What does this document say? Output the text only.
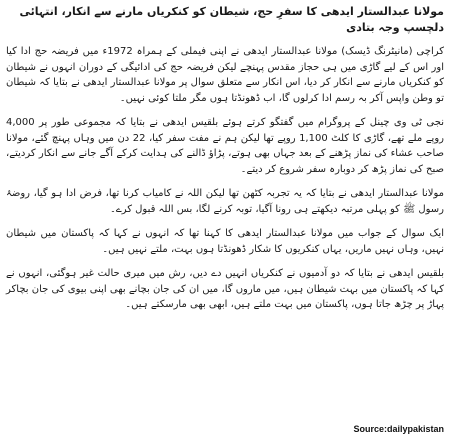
مولانا عبدالستار ایدھی کا سفرِ حج، شیطان کو کنکریاں مارنے سے انکار، انتہائی دلچسپ وجہ بتادی

کراچی (مانیٹرنگ ڈیسک) مولانا عبدالستار ایدھی نے اپنی فیملی کے ہمراہ 1972ء میں فریضہ حج ادا کیا اور اس کے لیے گاڑی میں ہی حجاز مقدس پہنچے لیکن فریضہ حج کی ادائیگی کے دوران انہوں نے شیطان کو کنکریاں مارنے سے انکار کر دیا، اس انکار سے متعلق سوال پر مولانا عبدالستار ایدھی نے بتایا کہ شیطان تو وطن واپس آکر بہ رسم ادا کرلوں گا، اب ڈھونڈتا ہوں مگر ملتا کوئی نہیں۔

نجی ٹی وی چینل کے پروگرام میں گفتگو کرتے ہوئے بلقیس ایدھی نے بتایا کہ مجموعی طور پر 4,000 روپے ملے تھے، گاڑی کا کلٹ 1,100 روپے تھا لیکن ہم نے مفت سفر کیا، 22 دن میں وہاں پہنچ گئے، مولانا صاحب عشاء کی نماز پڑھنے کے بعد جہاں بھی ہوتے، پڑاؤ ڈالنے کی ہدایت کرکے آگے جانے سے انکار کردیتے، صبح کی نماز پڑھ کر دوبارہ سفر شروع کر دیتے۔

مولانا عبدالستار ایدھی نے بتایا کہ یہ تجربہ کٹھن تھا لیکن اللہ نے کامیاب کرنا تھا، فرض ادا ہو گیا، روضۂ رسول ﷺ کو پہلی مرتبہ دیکھتے ہی رونا آگیا، توبہ کرنے لگا، بس اللہ قبول کرے۔

ایک سوال کے جواب میں مولانا عبدالستار ایدھی کا کہنا تھا کہ انہوں نے کہا کہ پاکستان میں شیطان نہیں، وہاں نہیں ماریں، یہاں کنکریوں کا شکار ڈھونڈتا ہوں بہت، ملتے نہیں ہیں۔

بلقیس ایدھی نے بتایا کہ دو آدمیوں نے کنکریاں انہیں دے دیں، رش میں میری حالت غیر ہوگئی، انہوں نے کہا کہ پاکستان میں بہت شیطان ہیں، میں ماروں گا، میں ان کی جان بچانے بھی اپنی بیوی کی جان بچاکر پہاڑ پر چڑھ جاتا ہوں، پاکستان میں بہت ملتے ہیں، ابھی بھی مارسکتے ہیں۔

Source:dailypakistan
